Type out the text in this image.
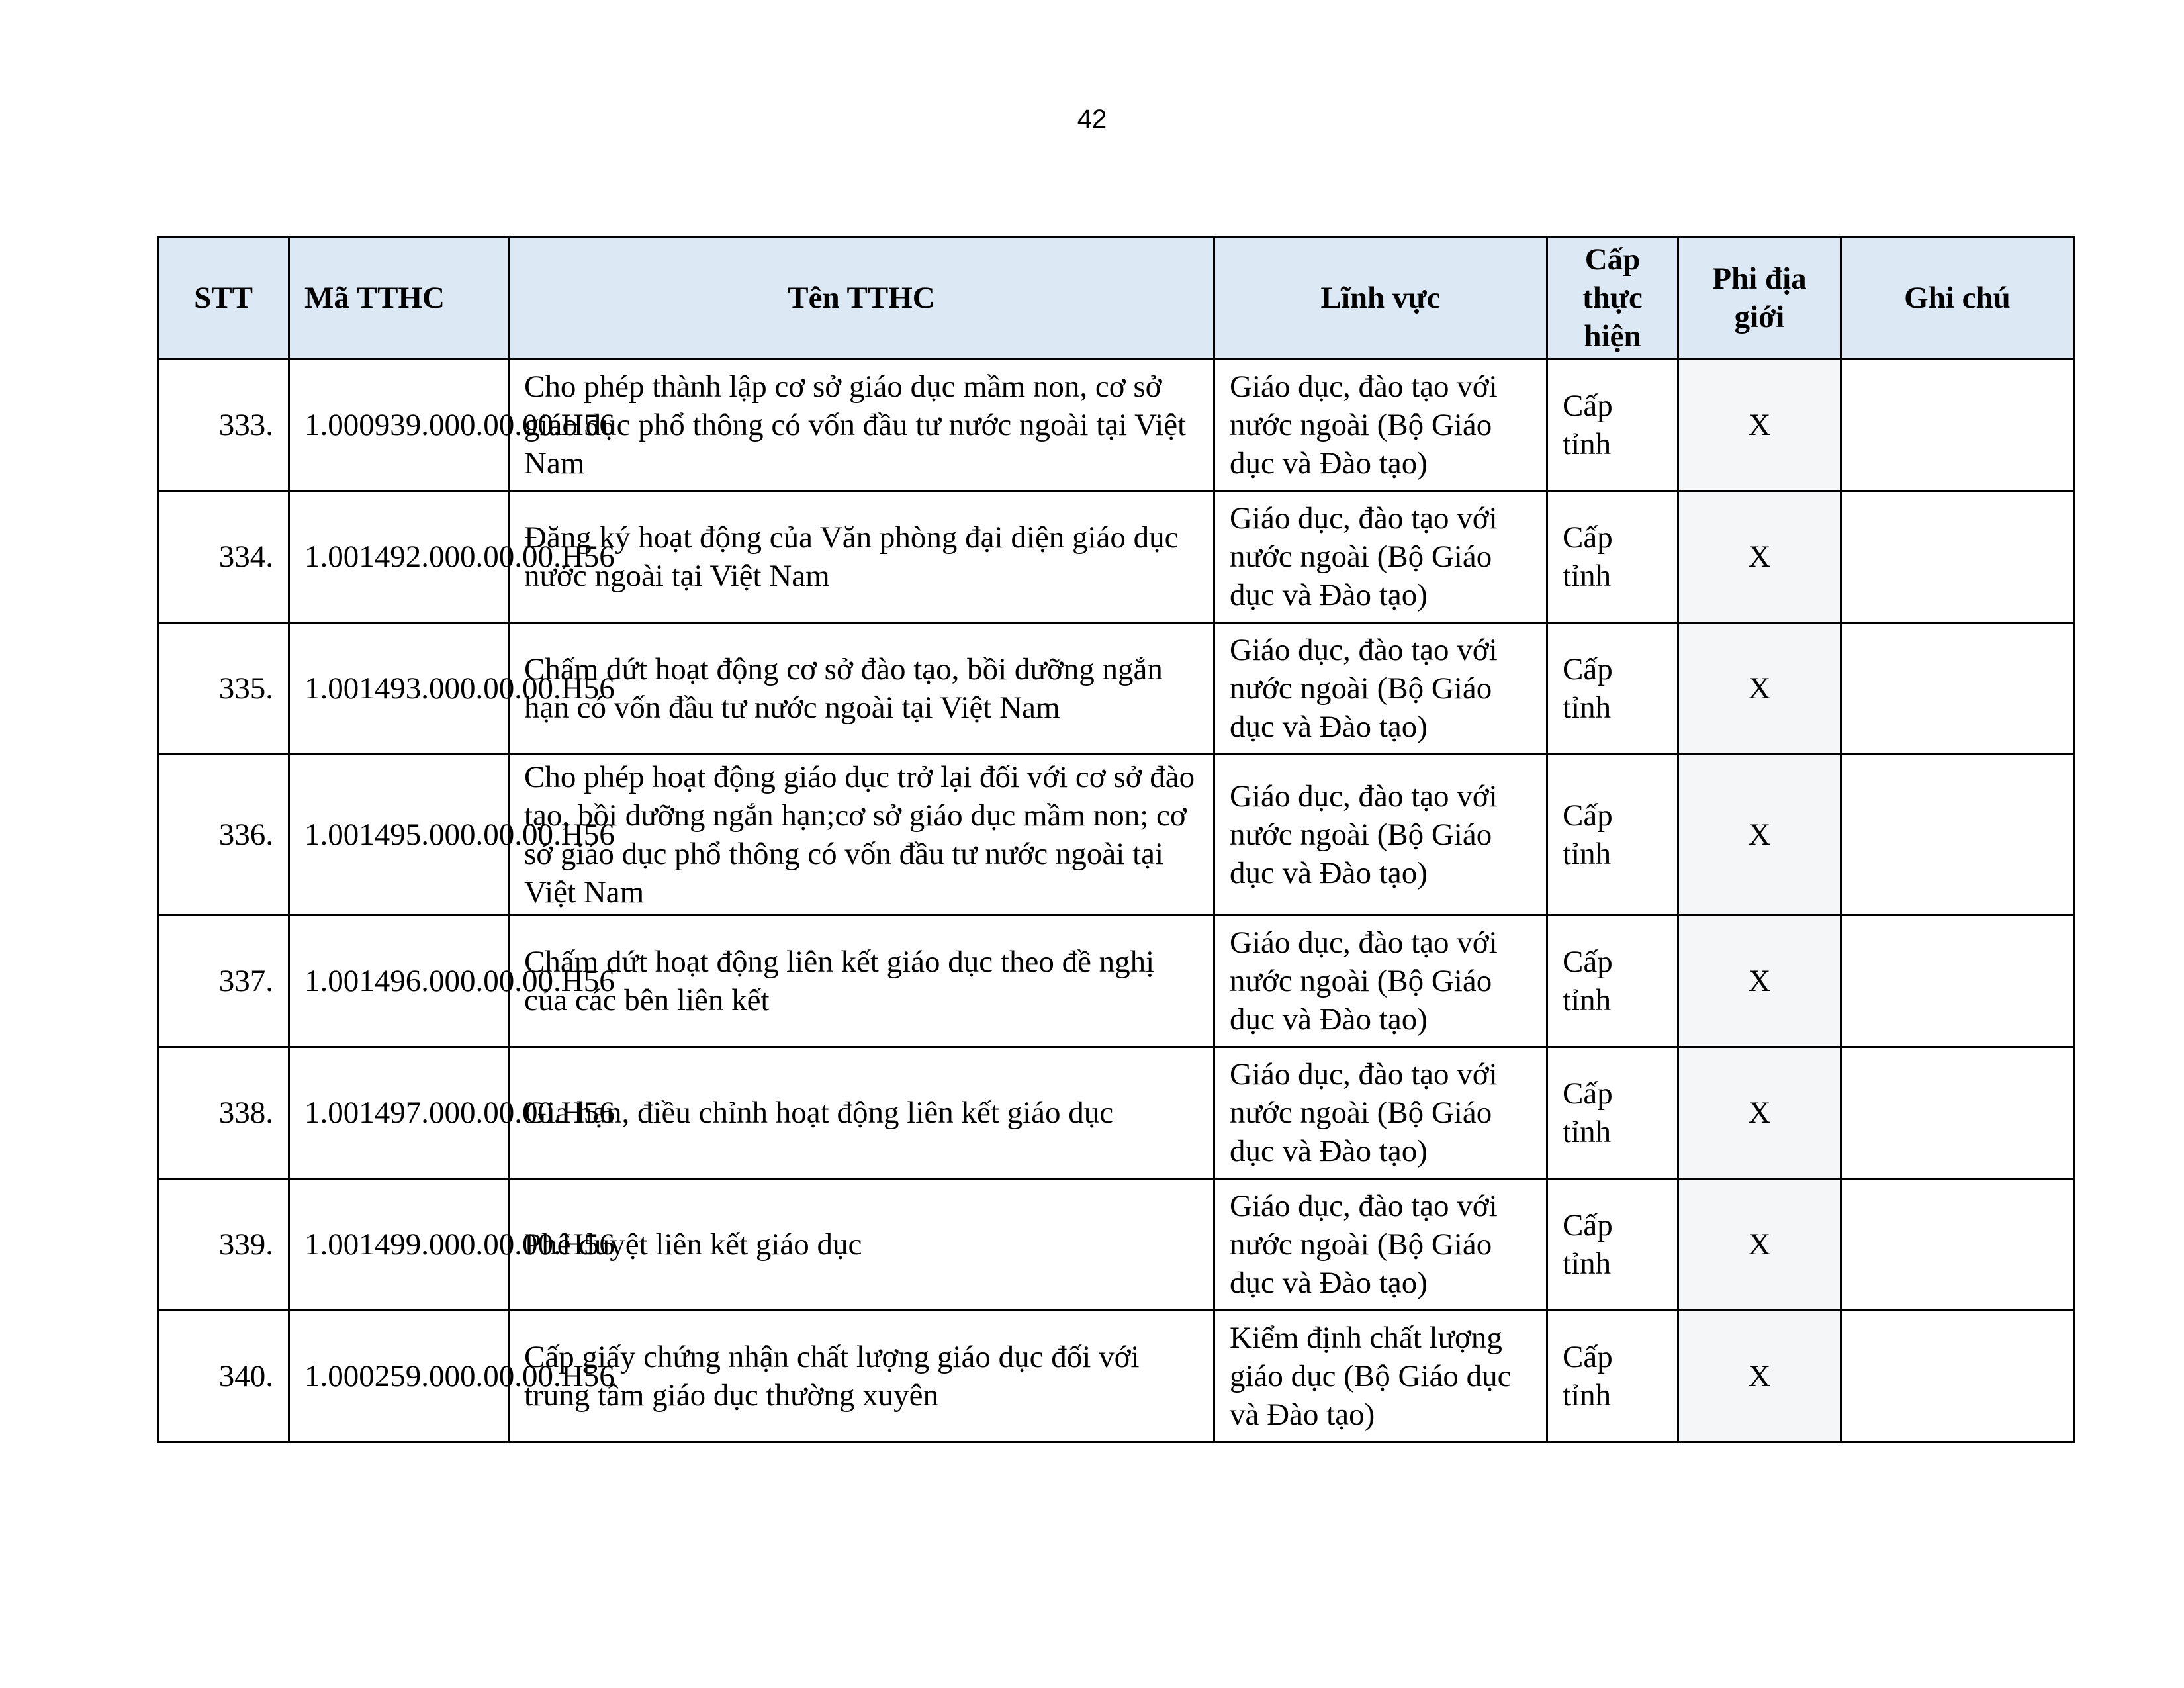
42
STT	Mã TTHC	Tên TTHC	Lĩnh vực	Cấp thực hiện	Phi địa giới	Ghi chú
333.	1.000939.000.00.00.H56	Cho phép thành lập cơ sở giáo dục mầm non, cơ sở giáo dục phổ thông có vốn đầu tư nước ngoài tại Việt Nam	Giáo dục, đào tạo với nước ngoài (Bộ Giáo dục và Đào tạo)	Cấp tỉnh	X	
334.	1.001492.000.00.00.H56	Đăng ký hoạt động của Văn phòng đại diện giáo dục nước ngoài tại Việt Nam	Giáo dục, đào tạo với nước ngoài (Bộ Giáo dục và Đào tạo)	Cấp tỉnh	X	
335.	1.001493.000.00.00.H56	Chấm dứt hoạt động cơ sở đào tạo, bồi dưỡng ngắn hạn có vốn đầu tư nước ngoài tại Việt Nam	Giáo dục, đào tạo với nước ngoài (Bộ Giáo dục và Đào tạo)	Cấp tỉnh	X	
336.	1.001495.000.00.00.H56	Cho phép hoạt động giáo dục trở lại đối với cơ sở đào tạo, bồi dưỡng ngắn hạn;cơ sở giáo dục mầm non; cơ sở giáo dục phổ thông có vốn đầu tư nước ngoài tại Việt Nam	Giáo dục, đào tạo với nước ngoài (Bộ Giáo dục và Đào tạo)	Cấp tỉnh	X	
337.	1.001496.000.00.00.H56	Chấm dứt hoạt động liên kết giáo dục theo đề nghị của các bên liên kết	Giáo dục, đào tạo với nước ngoài (Bộ Giáo dục và Đào tạo)	Cấp tỉnh	X	
338.	1.001497.000.00.00.H56	Gia hạn, điều chỉnh hoạt động liên kết giáo dục	Giáo dục, đào tạo với nước ngoài (Bộ Giáo dục và Đào tạo)	Cấp tỉnh	X	
339.	1.001499.000.00.00.H56	Phê duyệt liên kết giáo dục	Giáo dục, đào tạo với nước ngoài (Bộ Giáo dục và Đào tạo)	Cấp tỉnh	X	
340.	1.000259.000.00.00.H56	Cấp giấy chứng nhận chất lượng giáo dục đối với trung tâm giáo dục thường xuyên	Kiểm định chất lượng giáo dục (Bộ Giáo dục và Đào tạo)	Cấp tỉnh	X	
